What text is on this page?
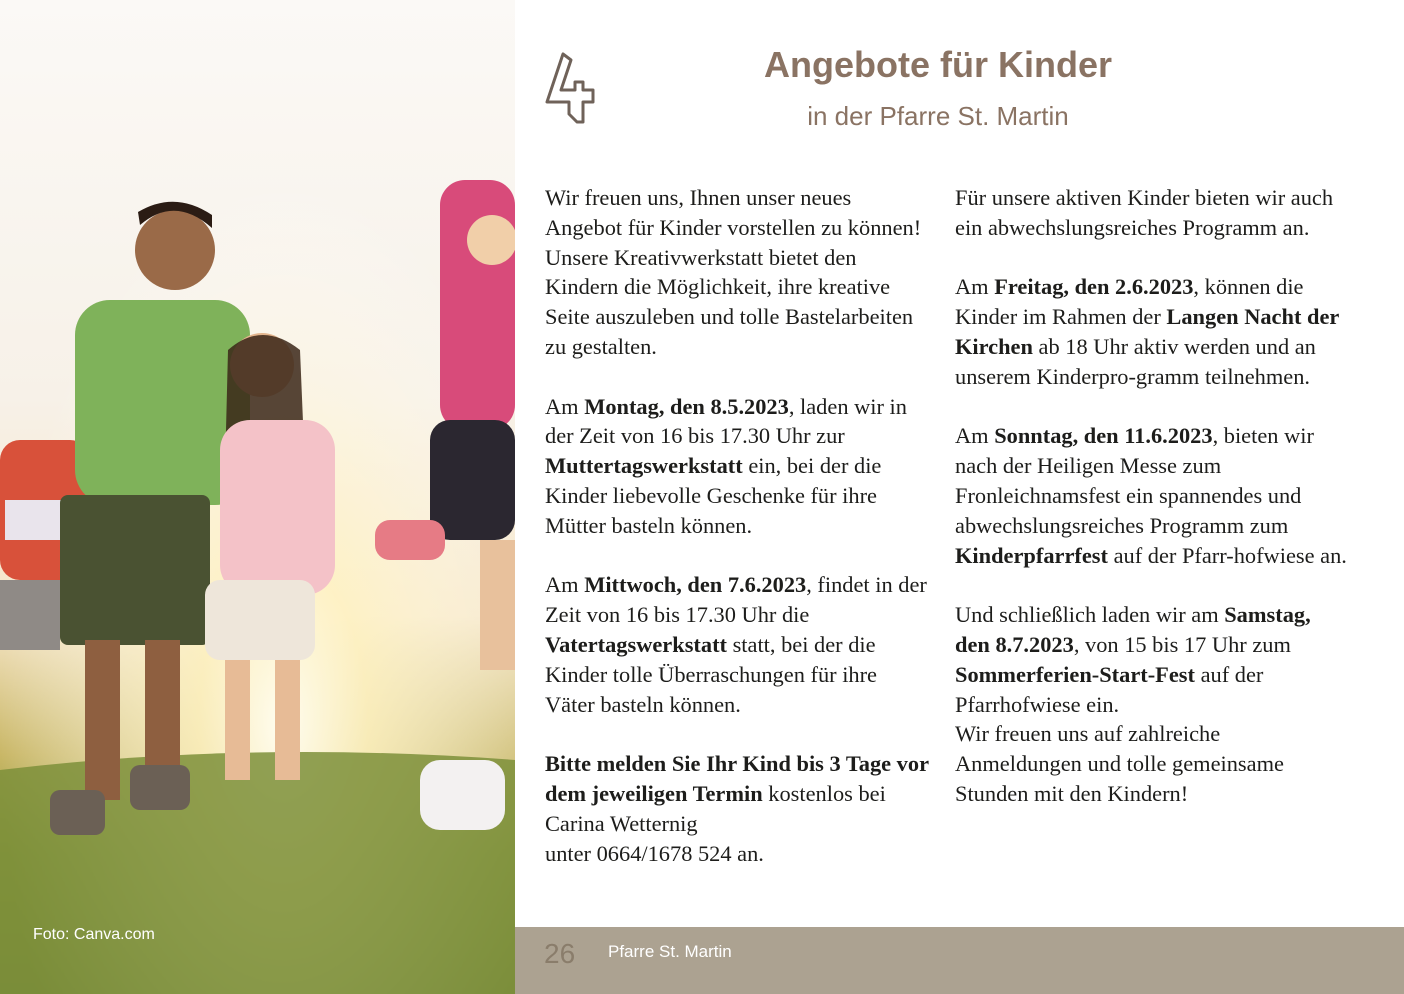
Foto: Canva.com
Angebote für Kinder
in der Pfarre St. Martin

Wir freuen uns, Ihnen unser neues Angebot für Kinder vorstellen zu können! Unsere Kreativwerkstatt bietet den Kindern die Möglichkeit, ihre kreative Seite auszuleben und tolle Bastelarbeiten zu gestalten.

Am Montag, den 8.5.2023, laden wir in der Zeit von 16 bis 17.30 Uhr zur Muttertagswerkstatt ein, bei der die Kinder liebevolle Geschenke für ihre Mütter basteln können.

Am Mittwoch, den 7.6.2023, findet in der Zeit von 16 bis 17.30 Uhr die Vatertagswerkstatt statt, bei der die Kinder tolle Überraschungen für ihre Väter basteln können.

Bitte melden Sie Ihr Kind bis 3 Tage vor dem jeweiligen Termin kostenlos bei Carina Wetternig
unter 0664/1678 524 an.

Für unsere aktiven Kinder bieten wir auch ein abwechslungsreiches Programm an.

Am Freitag, den 2.6.2023, können die Kinder im Rahmen der Langen Nacht der Kirchen ab 18 Uhr aktiv werden und an unserem Kinderpro-gramm teilnehmen.

Am Sonntag, den 11.6.2023, bieten wir nach der Heiligen Messe zum Fronleichnamsfest ein spannendes und abwechslungsreiches Programm zum Kinderpfarrfest auf der Pfarr-hofwiese an.

Und schließlich laden wir am Samstag, den 8.7.2023, von 15 bis 17 Uhr zum Sommerferien-Start-Fest auf der Pfarrhofwiese ein.
Wir freuen uns auf zahlreiche Anmeldungen und tolle gemeinsame Stunden mit den Kindern!

26 Pfarre St. Martin
